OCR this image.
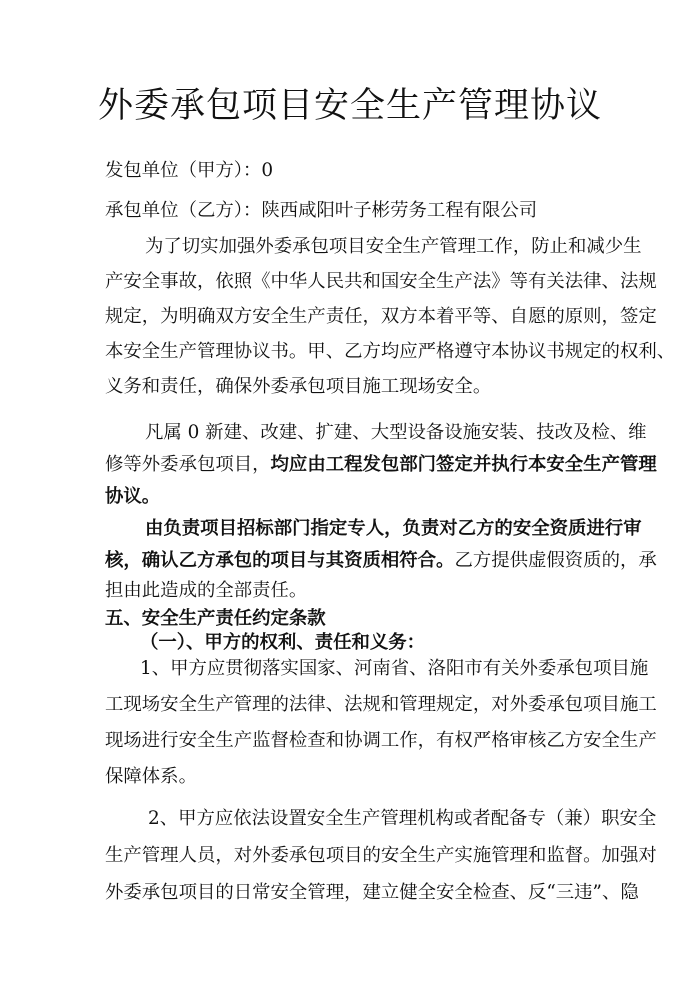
外委承包项目安全生产管理协议
发包单位（甲方）：0
承包单位（乙方）：陕西咸阳叶子彬劳务工程有限公司
为了切实加强外委承包项目安全生产管理工作，防止和减少生
产安全事故，依照《中华人民共和国安全生产法》等有关法律、法规
规定，为明确双方安全生产责任，双方本着平等、自愿的原则，签定
本安全生产管理协议书。甲、乙方均应严格遵守本协议书规定的权利、
义务和责任，确保外委承包项目施工现场安全。
凡属 0 新建、改建、扩建、大型设备设施安装、技改及检、维
修等外委承包项目，均应由工程发包部门签定并执行本安全生产管理
协议。
由负责项目招标部门指定专人，负责对乙方的安全资质进行审
核，确认乙方承包的项目与其资质相符合。乙方提供虚假资质的，承
担由此造成的全部责任。
五、安全生产责任约定条款
（一）、甲方的权利、责任和义务：
1、甲方应贯彻落实国家、河南省、洛阳市有关外委承包项目施
工现场安全生产管理的法律、法规和管理规定，对外委承包项目施工
现场进行安全生产监督检查和协调工作，有权严格审核乙方安全生产
保障体系。
2、甲方应依法设置安全生产管理机构或者配备专（兼）职安全
生产管理人员，对外委承包项目的安全生产实施管理和监督。加强对
外委承包项目的日常安全管理，建立健全安全检查、反“三违”、隐
